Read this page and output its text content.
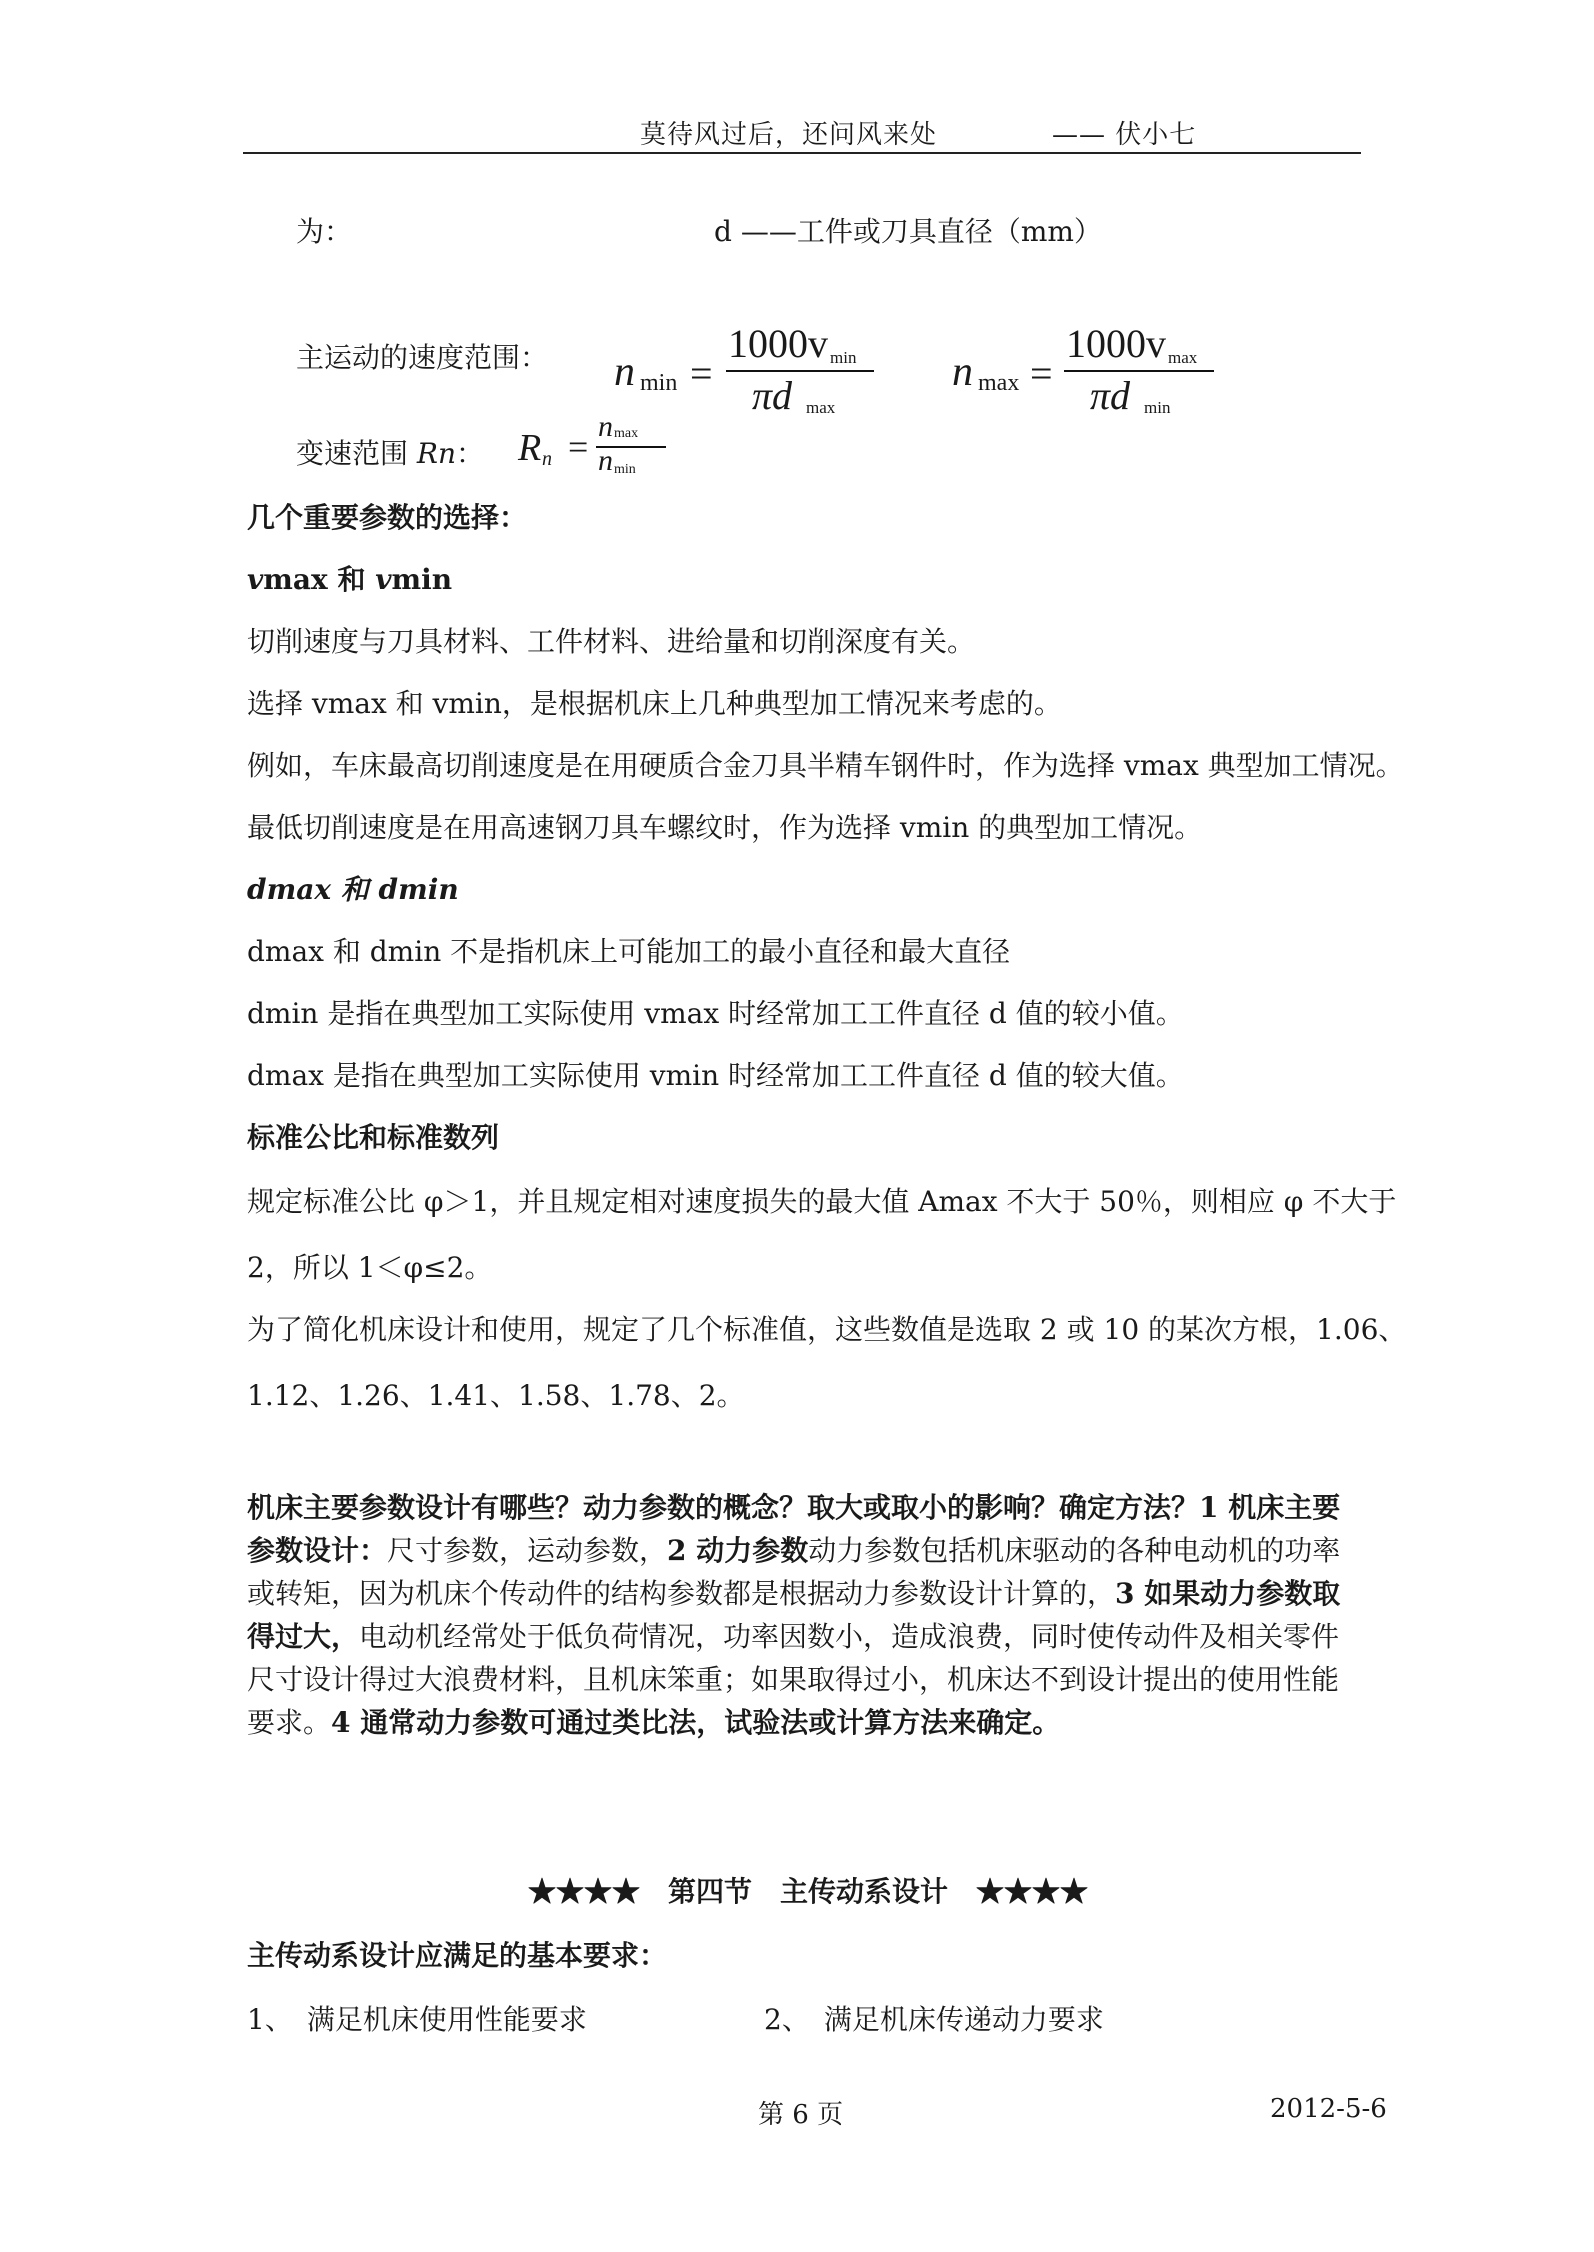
莫待风过后，还问风来处	—— 伏小七
为：	d ——工件或刀具直径（mm）
主运动的速度范围： n min =
1000v min
πd max
n max =
1000v max
πd min
变速范围 Rn： R n =
n max
n min
几个重要参数的选择：
vmax 和 vmin
切削速度与刀具材料、工件材料、进给量和切削深度有关。
选择 vmax 和 vmin，是根据机床上几种典型加工情况来考虑的。
例如，车床最高切削速度是在用硬质合金刀具半精车钢件时，作为选择 vmax 典型加工情况。
最低切削速度是在用高速钢刀具车螺纹时，作为选择 vmin 的典型加工情况。
dmax 和 dmin
dmax 和 dmin 不是指机床上可能加工的最小直径和最大直径
dmin 是指在典型加工实际使用 vmax 时经常加工工件直径 d 值的较小值。
dmax 是指在典型加工实际使用 vmin 时经常加工工件直径 d 值的较大值。
标准公比和标准数列
规定标准公比 φ＞1，并且规定相对速度损失的最大值 Amax 不大于 50％，则相应 φ 不大于
2，所以 1＜φ≤2。
为了简化机床设计和使用，规定了几个标准值，这些数值是选取 2 或 10 的某次方根，1.06、
1.12、1.26、1.41、1.58、1.78、2。
机床主要参数设计有哪些？动力参数的概念？取大或取小的影响？确定方法？1 机床主要参数设计：尺寸参数，运动参数，2 动力参数动力参数包括机床驱动的各种电动机的功率或转矩，因为机床个传动件的结构参数都是根据动力参数设计计算的，3 如果动力参数取得过大，电动机经常处于低负荷情况，功率因数小，造成浪费，同时使传动件及相关零件尺寸设计得过大浪费材料，且机床笨重；如果取得过小，机床达不到设计提出的使用性能要求。4 通常动力参数可通过类比法，试验法或计算方法来确定。
★★★★　第四节　主传动系设计　★★★★
主传动系设计应满足的基本要求：
1、　满足机床使用性能要求	2、　满足机床传递动力要求
第 6 页	2012-5-6
